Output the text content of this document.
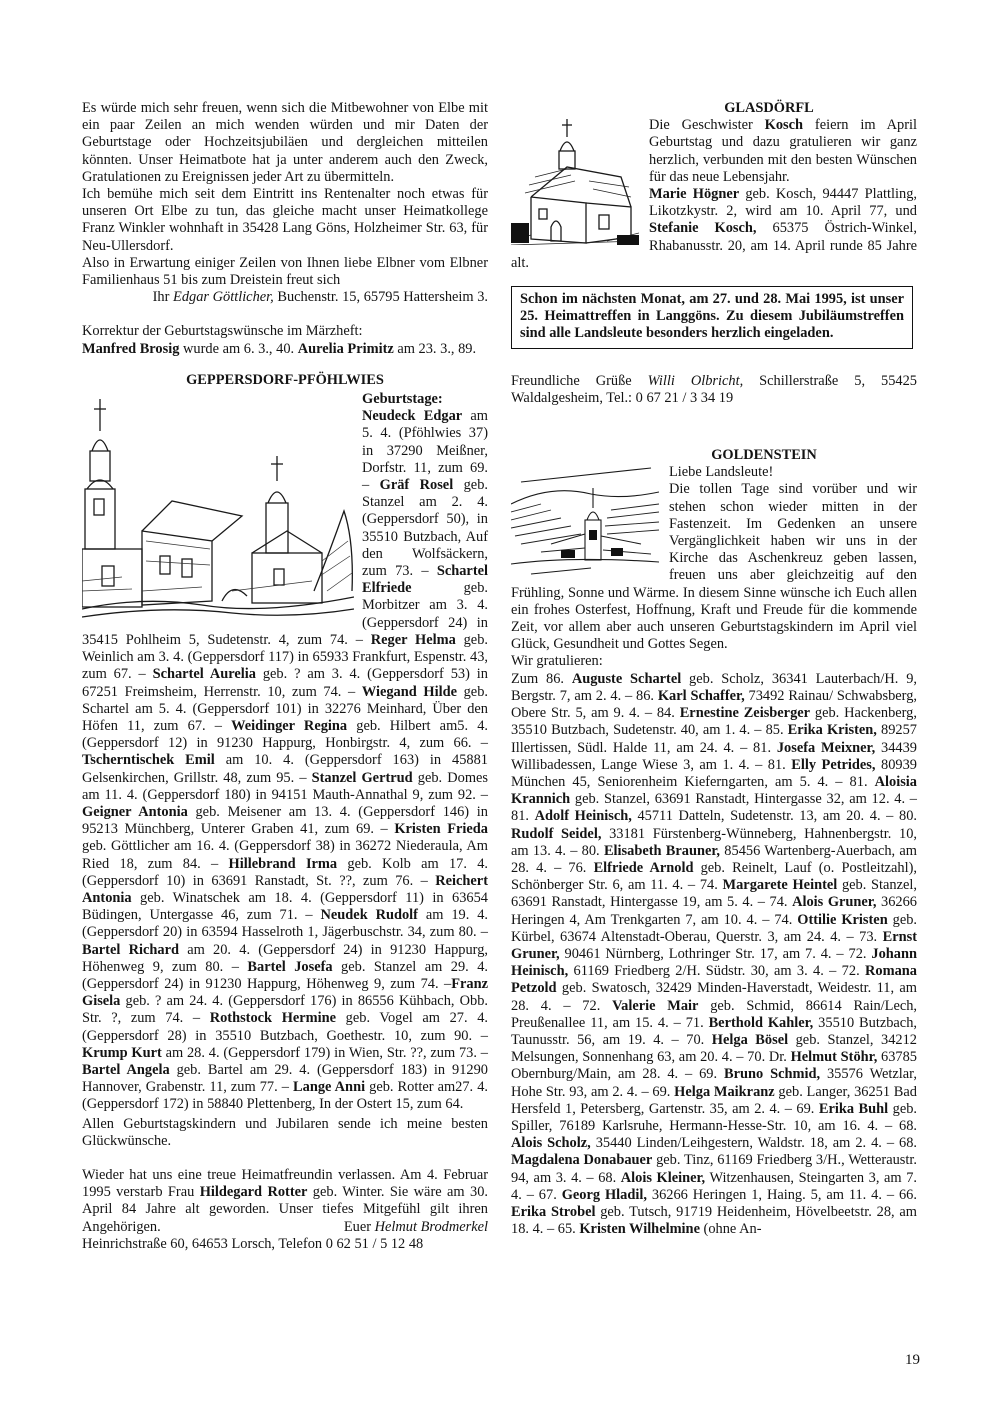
Es würde mich sehr freuen, wenn sich die Mitbewohner von Elbe mit ein paar Zeilen an mich wenden würden und mir Daten der Geburtstage oder Hochzeitsjubiläen und dergleichen mitteilen könnten. Unser Heimatbote hat ja unter anderem auch den Zweck, Gratulationen zu Ereignissen jeder Art zu übermitteln.

Ich bemühe mich seit dem Eintritt ins Rentenalter noch etwas für unseren Ort Elbe zu tun, das gleiche macht unser Heimatkollege Franz Winkler wohnhaft in 35428 Lang Göns, Holzheimer Str. 63, für Neu-Ullersdorf.

Also in Erwartung einiger Zeilen von Ihnen liebe Elbner vom Elbner Familienhaus 51 bis zum Dreistein freut sich

Ihr Edgar Göttlicher, Buchenstr. 15, 65795 Hattersheim 3.

Korrektur der Geburtstagswünsche im Märzheft:

Manfred Brosig wurde am 6. 3., 40. Aurelia Primitz am 23. 3., 89.

GEPPERSDORF-PFÖHLWIES

Geburtstage:
Neudeck Edgar am 5. 4. (Pföhlwies 37) in 37290 Meißner, Dorfstr. 11, zum 69. – Gräf Rosel geb. Stanzel am 2. 4. (Geppersdorf 50), in 35510 Butzbach, Auf den Wolfsäckern, zum 73. – Schartel Elfriede geb. Morbitzer am 3. 4. (Geppersdorf 24) in 35415 Pohlheim 5, Sudetenstr. 4, zum 74. – Reger Helma geb. Weinlich am 3. 4. (Geppersdorf 117) in 65933 Frankfurt, Espenstr. 43, zum 67. – Schartel Aurelia geb. ? am 3. 4. (Geppersdorf 53) in 67251 Freimsheim, Herrenstr. 10, zum 74. – Wiegand Hilde geb. Schartel am 5. 4. (Geppersdorf 101) in 32276 Meinhard, Über den Höfen 11, zum 67. – Weidinger Regina geb. Hilbert am5. 4. (Geppersdorf 12) in 91230 Happurg, Honbirgstr. 4, zum 66. – Tscherntischek Emil am 10. 4. (Geppersdorf 163) in 45881 Gelsenkirchen, Grillstr. 48, zum 95. – Stanzel Gertrud geb. Domes am 11. 4. (Geppersdorf 180) in 94151 Mauth-Annathal 9, zum 92. – Geigner Antonia geb. Meisener am 13. 4. (Geppersdorf 146) in 95213 Münchberg, Unterer Graben 41, zum 69. – Kristen Frieda geb. Göttlicher am 16. 4. (Geppersdorf 38) in 36272 Niederaula, Am Ried 18, zum 84. – Hillebrand Irma geb. Kolb am 17. 4. (Geppersdorf 10) in 63691 Ranstadt, St. ??, zum 76. – Reichert Antonia geb. Winatschek am 18. 4. (Geppersdorf 11) in 63654 Büdingen, Untergasse 46, zum 71. – Neudek Rudolf am 19. 4. (Geppersdorf 20) in 63594 Hasselroth 1, Jägerbuschstr. 34, zum 80. – Bartel Richard am 20. 4. (Geppersdorf 24) in 91230 Happurg, Höhenweg 9, zum 80. – Bartel Josefa geb. Stanzel am 29. 4. (Geppersdorf 24) in 91230 Happurg, Höhenweg 9, zum 74. –Franz Gisela geb. ? am 24. 4. (Geppersdorf 176) in 86556 Kühbach, Obb. Str. ?, zum 74. – Rothstock Hermine geb. Vogel am 27. 4. (Geppersdorf 28) in 35510 Butzbach, Goethestr. 10, zum 90. – Krump Kurt am 28. 4. (Geppersdorf 179) in Wien, Str. ??, zum 73. – Bartel Angela geb. Bartel am 29. 4. (Geppersdorf 183) in 91290 Hannover, Grabenstr. 11, zum 77. – Lange Anni geb. Rotter am27. 4. (Geppersdorf 172) in 58840 Plettenberg, In der Ostert 15, zum 64.

Allen Geburtstagskindern und Jubilaren sende ich meine besten Glückwünsche.

Wieder hat uns eine treue Heimatfreundin verlassen. Am 4. Februar 1995 verstarb Frau Hildegard Rotter geb. Winter. Sie wäre am 30. April 84 Jahre alt geworden. Unser tiefes Mitgefühl gilt ihren Angehörigen.	Euer Helmut Brodmerkel

Heinrichstraße 60, 64653 Lorsch, Telefon 0 62 51 / 5 12 48

GLASDÖRFL

Die Geschwister Kosch feiern im April Geburtstag und dazu gratulieren wir ganz herzlich, verbunden mit den besten Wünschen für das neue Lebensjahr.
Marie Högner geb. Kosch, 94447 Plattling, Likotzkystr. 2, wird am 10. April 77, und Stefanie Kosch, 65375 Östrich-Winkel, Rhabanusstr. 20, am 14. April runde 85 Jahre alt.

Schon im nächsten Monat, am 27. und 28. Mai 1995, ist unser 25. Heimattreffen in Langgöns. Zu diesem Jubiläumstreffen sind alle Landsleute besonders herzlich eingeladen.

Freundliche Grüße Willi Olbricht, Schillerstraße 5, 55425 Waldalgesheim, Tel.: 0 67 21 / 3 34 19

GOLDENSTEIN

Liebe Landsleute!

Die tollen Tage sind vorüber und wir stehen schon wieder mitten in der Fastenzeit. Im Gedenken an unsere Vergänglichkeit haben wir uns in der Kirche das Aschenkreuz geben lassen, freuen uns aber gleichzeitig auf den Frühling, Sonne und Wärme. In diesem Sinne wünsche ich Euch allen ein frohes Osterfest, Hoffnung, Kraft und Freude für die kommende Zeit, vor allem aber auch unseren Geburtstagskindern im April viel Glück, Gesundheit und Gottes Segen.

Wir gratulieren:

Zum 86. Auguste Schartel geb. Scholz, 36341 Lauterbach/H. 9, Bergstr. 7, am 2. 4. – 86. Karl Schaffer, 73492 Rainau/ Schwabsberg, Obere Str. 5, am 9. 4. – 84. Ernestine Zeisberger geb. Hackenberg, 35510 Butzbach, Sudetenstr. 40, am 1. 4. – 85. Erika Kristen, 89257 Illertissen, Südl. Halde 11, am 24. 4. – 81. Josefa Meixner, 34439 Willibadessen, Lange Wiese 3, am 1. 4. – 81. Elly Petrides, 80939 München 45, Seniorenheim Kieferngarten, am 5. 4. – 81. Aloisia Krannich geb. Stanzel, 63691 Ranstadt, Hintergasse 32, am 12. 4. – 81. Adolf Heinisch, 45711 Datteln, Sudetenstr. 13, am 20. 4. – 80. Rudolf Seidel, 33181 Fürstenberg-Wünneberg, Hahnenbergstr. 10, am 13. 4. – 80. Elisabeth Brauner, 85456 Wartenberg-Auerbach, am 28. 4. – 76. Elfriede Arnold geb. Reinelt, Lauf (o. Postleitzahl), Schönberger Str. 6, am 11. 4. – 74. Margarete Heintel geb. Stanzel, 63691 Ranstadt, Hintergasse 19, am 5. 4. – 74. Alois Gruner, 36266 Heringen 4, Am Trenkgarten 7, am 10. 4. – 74. Ottilie Kristen geb. Kürbel, 63674 Altenstadt-Oberau, Querstr. 3, am 24. 4. – 73. Ernst Gruner, 90461 Nürnberg, Lothringer Str. 17, am 7. 4. – 72. Johann Heinisch, 61169 Friedberg 2/H. Südstr. 30, am 3. 4. – 72. Romana Petzold geb. Swatosch, 32429 Minden-Haverstadt, Weidestr. 11, am 28. 4. – 72. Valerie Mair geb. Schmid, 86614 Rain/Lech, Preußenallee 11, am 15. 4. – 71. Berthold Kahler, 35510 Butzbach, Taunusstr. 56, am 19. 4. – 70. Helga Bösel geb. Stanzel, 34212 Melsungen, Sonnenhang 63, am 20. 4. – 70. Dr. Helmut Stöhr, 63785 Obernburg/Main, am 28. 4. – 69. Bruno Schmid, 35576 Wetzlar, Hohe Str. 93, am 2. 4. – 69. Helga Maikranz geb. Langer, 36251 Bad Hersfeld 1, Petersberg, Gartenstr. 35, am 2. 4. – 69. Erika Buhl geb. Spiller, 76189 Karlsruhe, Hermann-Hesse-Str. 10, am 16. 4. – 68. Alois Scholz, 35440 Linden/Leihgestern, Waldstr. 18, am 2. 4. – 68. Magdalena Donabauer geb. Tinz, 61169 Friedberg 3/H., Wetteraustr. 94, am 3. 4. – 68. Alois Kleiner, Witzenhausen, Steingarten 3, am 7. 4. – 67. Georg Hladil, 36266 Heringen 1, Haing. 5, am 11. 4. – 66. Erika Strobel geb. Tutsch, 91719 Heidenheim, Hövelbeetstr. 28, am 18. 4. – 65. Kristen Wilhelmine (ohne An-

19
